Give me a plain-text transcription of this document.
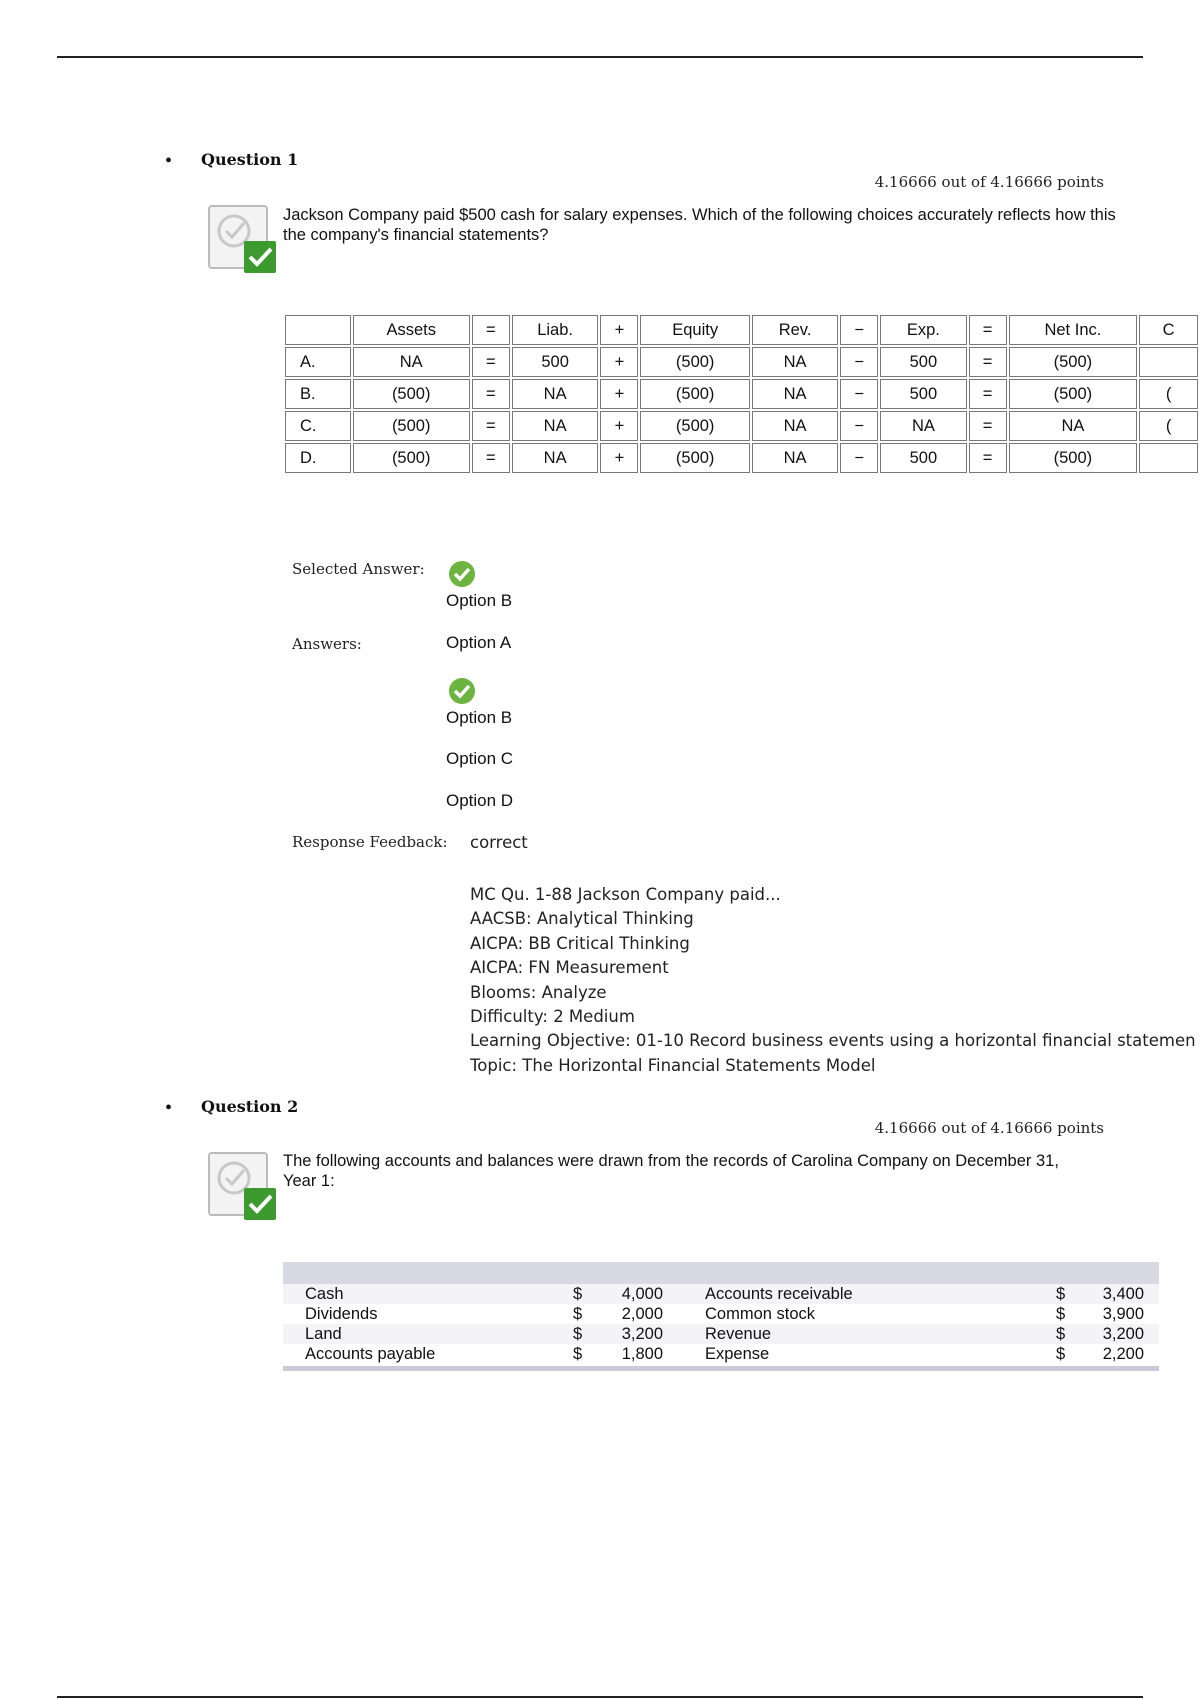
• Question 1
4.16666 out of 4.16666 points
Jackson Company paid $500 cash for salary expenses. Which of the following choices accurately reflects how this
the company's financial statements?
	Assets	=	Liab.	+	Equity	Rev.	−	Exp.	=	Net Inc.	C
A.	NA	=	500	+	(500)	NA	−	500	=	(500)	
B.	(500)	=	NA	+	(500)	NA	−	500	=	(500)	(
C.	(500)	=	NA	+	(500)	NA	−	NA	=	NA	(
D.	(500)	=	NA	+	(500)	NA	−	500	=	(500)	
Selected Answer:
Option B
Answers:	Option A
Option B
Option C
Option D
Response Feedback: correct
MC Qu. 1-88 Jackson Company paid...
AACSB: Analytical Thinking
AICPA: BB Critical Thinking
AICPA: FN Measurement
Blooms: Analyze
Difficulty: 2 Medium
Learning Objective: 01-10 Record business events using a horizontal financial statemen
Topic: The Horizontal Financial Statements Model
• Question 2
4.16666 out of 4.16666 points
The following accounts and balances were drawn from the records of Carolina Company on December 31,
Year 1:
Cash	$	4,000	Accounts receivable	$	3,400
Dividends	$	2,000	Common stock	$	3,900
Land	$	3,200	Revenue	$	3,200
Accounts payable	$	1,800	Expense	$	2,200
